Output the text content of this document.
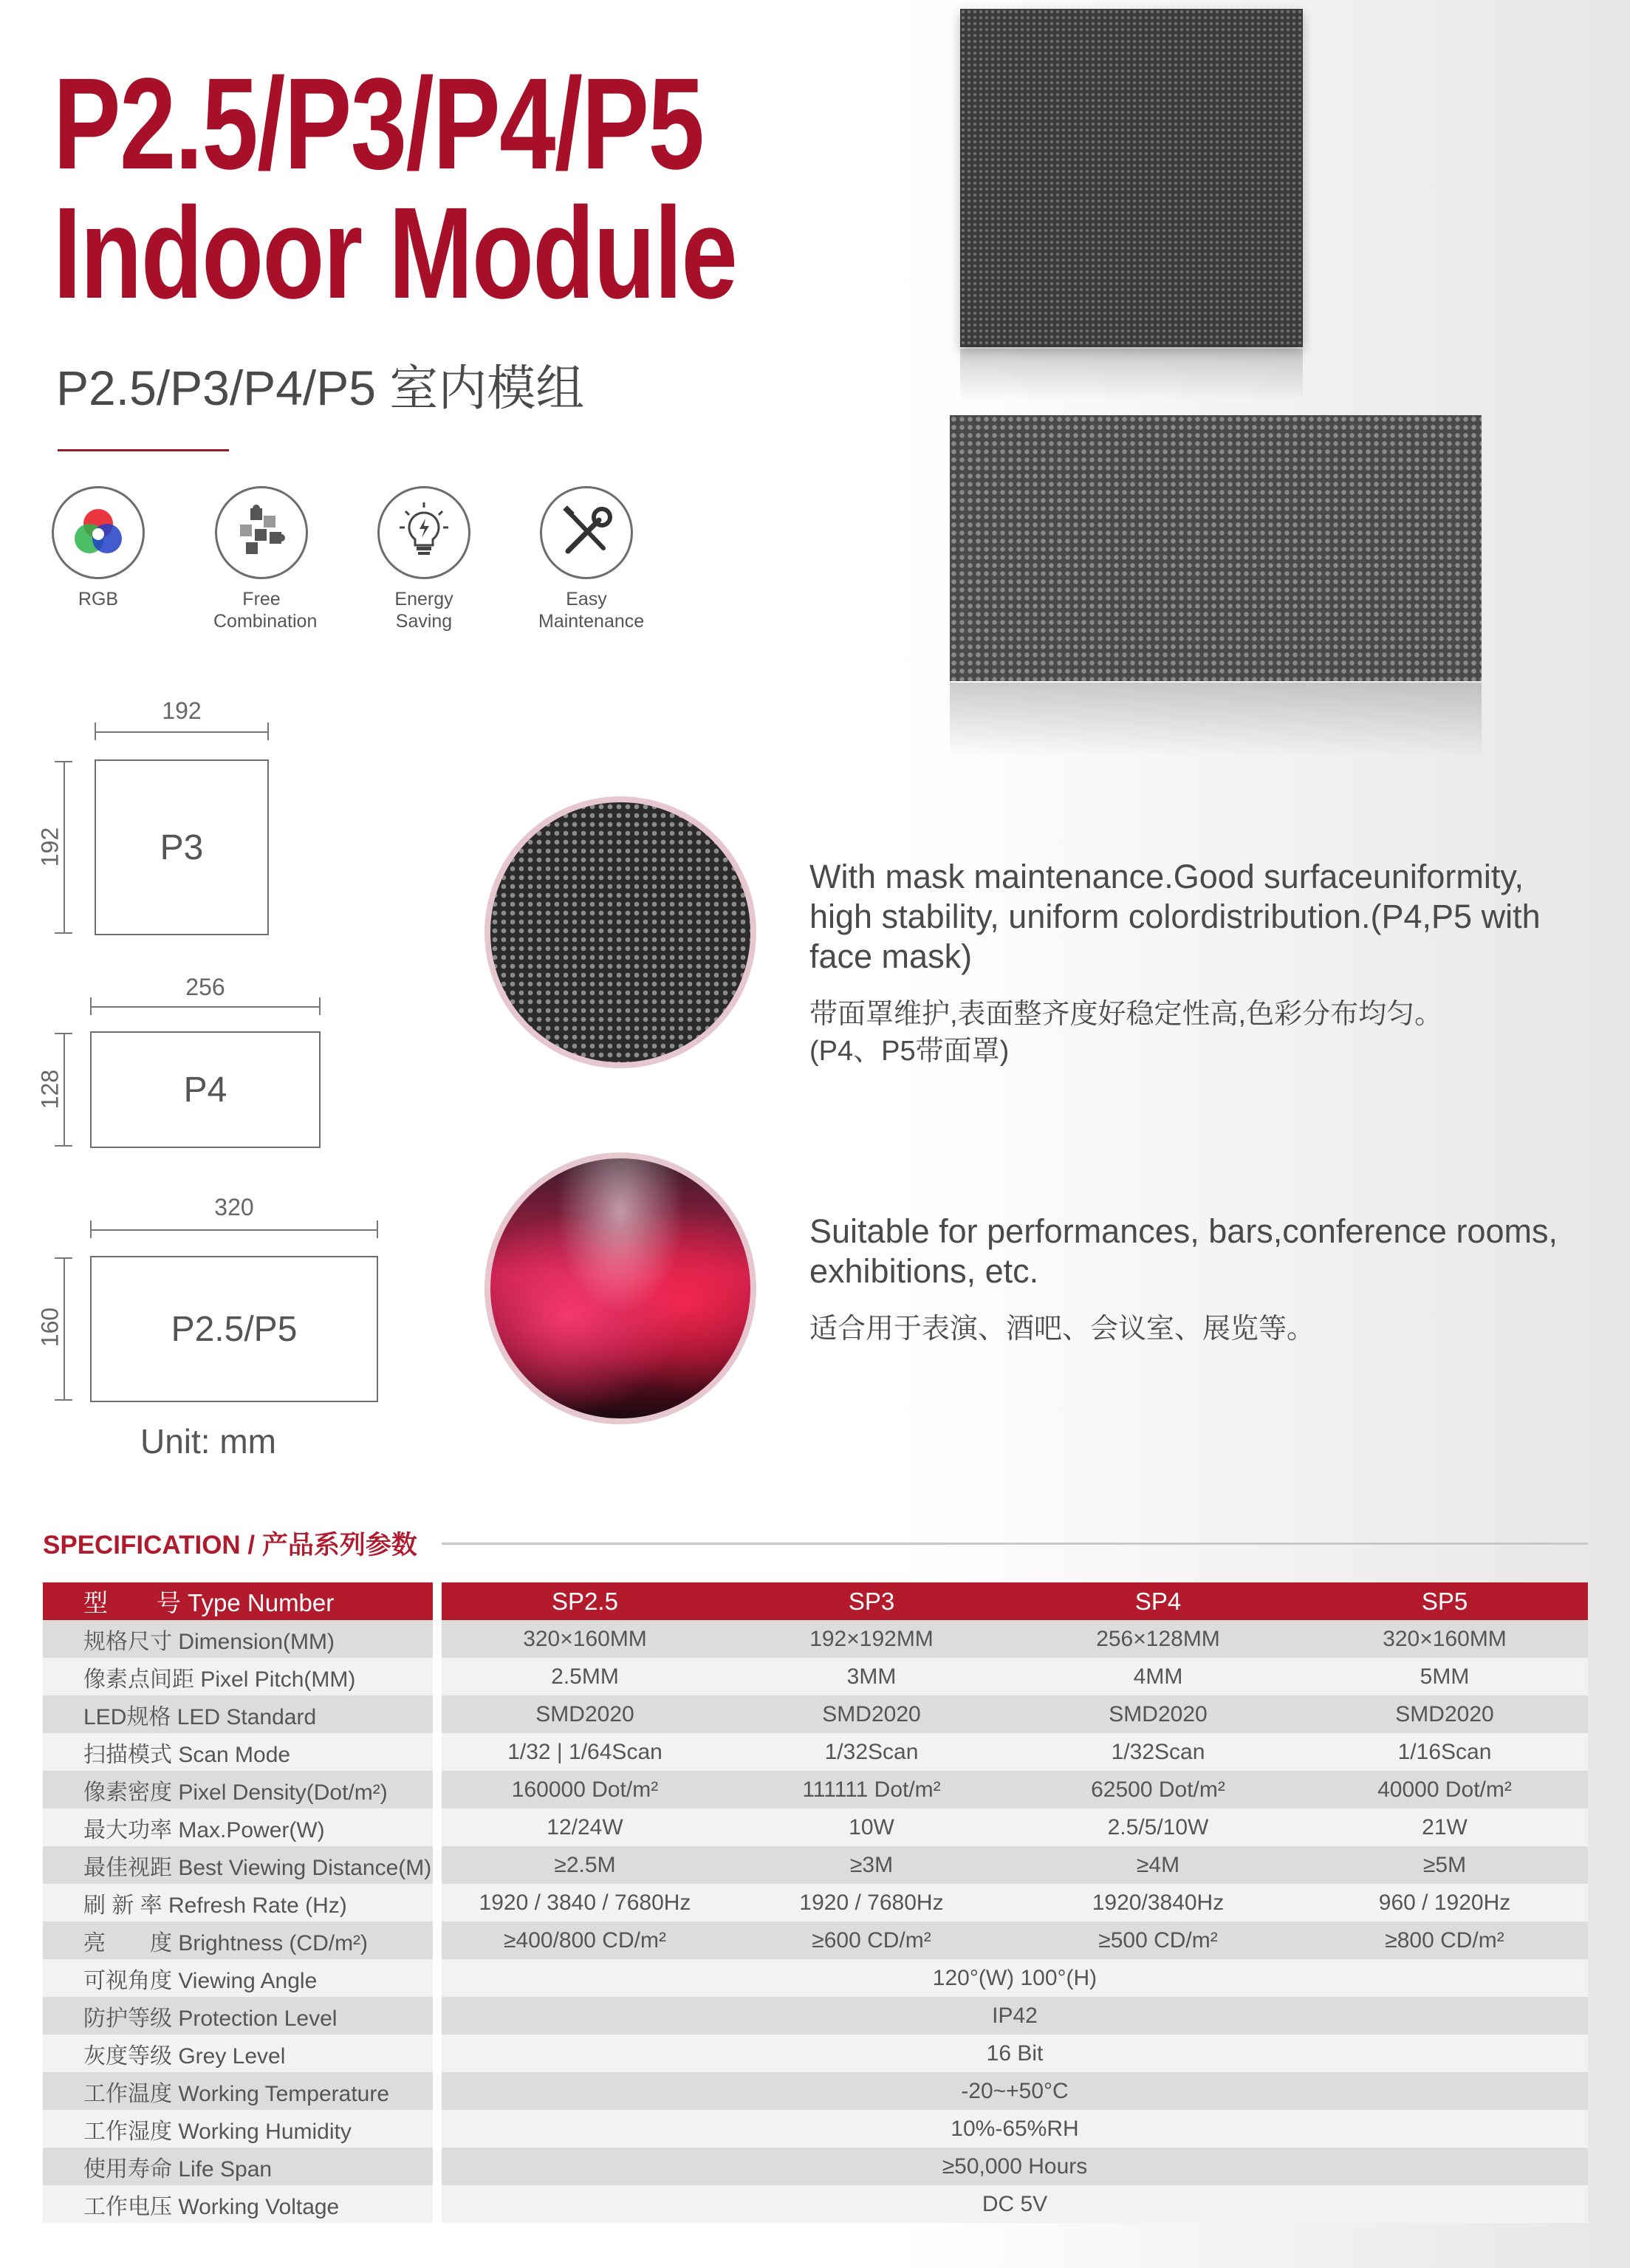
P2.5/P3/P4/P5
Indoor Module
P2.5/P3/P4/P5 室内模组
RGB	Free
Combination
Energy
Saving
Easy
Maintenance
192
P3
192
256
P4
128
320
P2.5/P5
160
Unit: mm
With mask maintenance.Good surfaceuniformity, high stability, uniform colordistribution.(P4,P5 with face mask)
带面罩维护,表面整齐度好稳定性高,色彩分布均匀。
(P4、P5带面罩)
Suitable for performances, bars,conference rooms, exhibitions, etc.
适合用于表演、酒吧、会议室、展览等。
SPECIFICATION / 产品系列参数
型　　号 Type Number		SP2.5	SP3	SP4	SP5
规格尺寸 Dimension(MM)		320×160MM	192×192MM	256×128MM	320×160MM
像素点间距 Pixel Pitch(MM)		2.5MM	3MM	4MM	5MM
LED规格 LED Standard		SMD2020	SMD2020	SMD2020	SMD2020
扫描模式 Scan Mode		1/32 | 1/64Scan	1/32Scan	1/32Scan	1/16Scan
像素密度 Pixel Density(Dot/m²)		160000 Dot/m²	111111 Dot/m²	62500 Dot/m²	40000 Dot/m²
最大功率 Max.Power(W)		12/24W	10W	2.5/5/10W	21W
最佳视距 Best Viewing Distance(M)		≥2.5M	≥3M	≥4M	≥5M
刷 新 率 Refresh Rate (Hz)		1920 / 3840 / 7680Hz	1920 / 7680Hz	1920/3840Hz	960 / 1920Hz
亮　　度 Brightness (CD/m²)		≥400/800 CD/m²	≥600 CD/m²	≥500 CD/m²	≥800 CD/m²
可视角度 Viewing Angle		120°(W) 100°(H)			
防护等级 Protection Level		IP42			
灰度等级 Grey Level		16 Bit			
工作温度 Working Temperature		-20~+50°C			
工作湿度 Working Humidity		10%-65%RH			
使用寿命 Life Span		≥50,000 Hours			
工作电压 Working Voltage		DC 5V			
